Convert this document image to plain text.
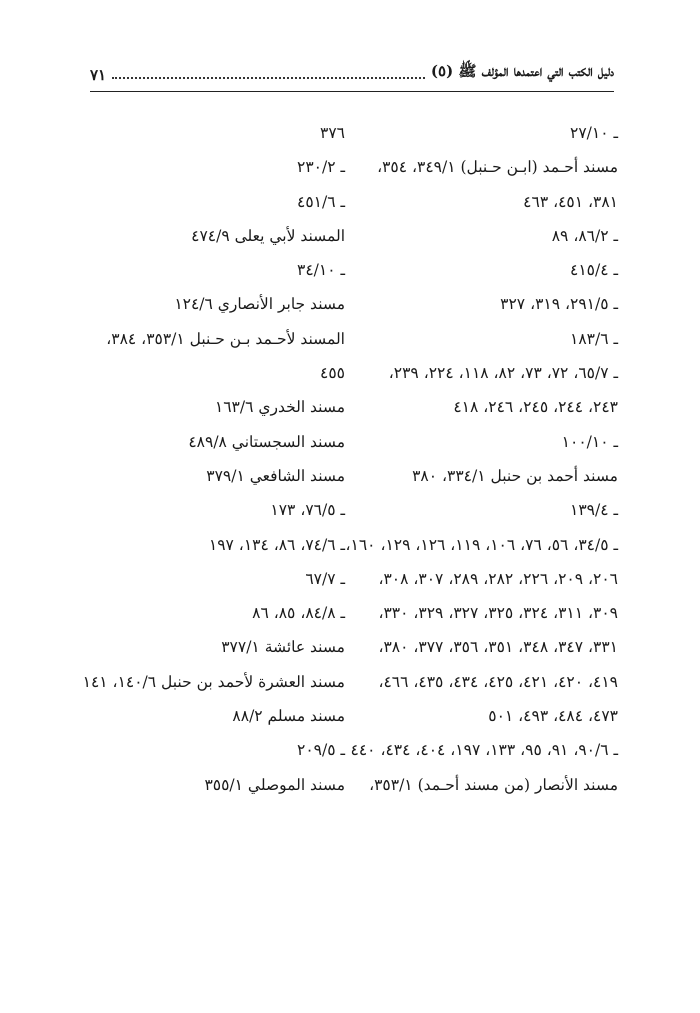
دليل الكتب التي اعتمدها المؤلف ﷺ (٥)
٧١
ـ ٢٧/١٠
مسند أحـمد (ابـن حـنبل) ٣٤٩/١، ٣٥٤،
٣٨١، ٤٥١، ٤٦٣
ـ ٨٦/٢، ٨٩
ـ ٤١٥/٤
ـ ٢٩١/٥، ٣١٩، ٣٢٧
ـ ١٨٣/٦
ـ ٦٥/٧، ٧٢، ٧٣، ٨٢، ١١٨، ٢٢٤، ٢٣٩،
٢٤٣، ٢٤٤، ٢٤٥، ٢٤٦، ٤١٨
ـ ١٠٠/١٠
مسند أحمد بن حنبل ٣٣٤/١، ٣٨٠
ـ ١٣٩/٤
ـ ٣٤/٥، ٥٦، ٧٦، ١٠٦، ١١٩، ١٢٦، ١٢٩، ١٦٠،
٢٠٦، ٢٠٩، ٢٢٦، ٢٨٢، ٢٨٩، ٣٠٧، ٣٠٨،
٣٠٩، ٣١١، ٣٢٤، ٣٢٥، ٣٢٧، ٣٢٩، ٣٣٠،
٣٣١، ٣٤٧، ٣٤٨، ٣٥١، ٣٥٦، ٣٧٧، ٣٨٠،
٤١٩، ٤٢٠، ٤٢١، ٤٢٥، ٤٣٤، ٤٣٥، ٤٦٦،
٤٧٣، ٤٨٤، ٤٩٣، ٥٠١
ـ ٩٠/٦، ٩١، ٩٥، ١٣٣، ١٩٧، ٤٠٤، ٤٣٤، ٤٤٠
مسند الأنصار (من مسند أحـمد) ٣٥٣/١،
٣٧٦
ـ ٢٣٠/٢
ـ ٤٥١/٦
المسند لأبي يعلى ٤٧٤/٩
ـ ٣٤/١٠
مسند جابر الأنصاري ١٢٤/٦
المسند لأحـمد بـن حـنبل ٣٥٣/١، ٣٨٤،
٤٥٥
مسند الخدري ١٦٣/٦
مسند السجستاني ٤٨٩/٨
مسند الشافعي ٣٧٩/١
ـ ٧٦/٥، ١٧٣
ـ ٧٤/٦، ٨٦، ١٣٤، ١٩٧
ـ ٦٧/٧
ـ ٨٤/٨، ٨٥، ٨٦
مسند عائشة ٣٧٧/١
مسند العشرة لأحمد بن حنبل ١٤٠/٦، ١٤١
مسند مسلم ٨٨/٢
ـ ٢٠٩/٥
مسند الموصلي ٣٥٥/١
